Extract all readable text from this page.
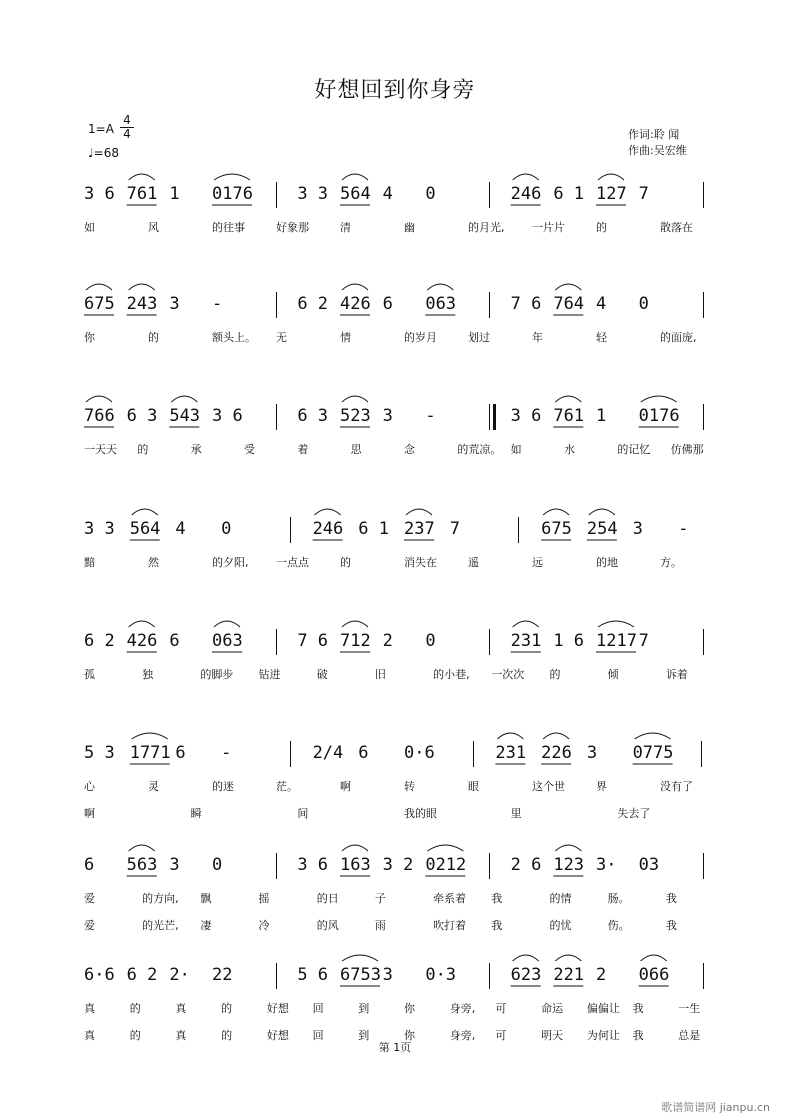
好想回到你身旁
1=A
4
4
♩=68
作词:聆 闻
作曲:吴宏维
3 6 761 1 0176	3 3 564 4 0	246 6 1 127 7
如	风	的往事	好象那	清	幽	的月光,	一片片	的	散落在
675 243 3 -	6 2 426 6 063	7 6 764 4 0
你	的	额头上。 无	情	的岁月	划过	年	轻	的面庞,
766 6 3 543 3 6	6 3 523 3 -	3 6 761 1 0176
一天天 的	承	受	着	思	念	的荒凉。 如	水	的记忆 仿佛那
3 3 564 4 0	246 6 1 237 7	675 254 3 -
黯	然	的夕阳,	一点点	的	消失在	遥	远	的地	方。
6 2 426 6 063	7 6 712 2 0	231 1 6 1217 7
孤	独	的脚步 钻进	破	旧	的小巷, 一次次 的	倾	诉着
5 3 1771 6 -	2/4 6 0·6	231 226 3 0775
心	灵	的迷	茫。	啊	转	眼	这个世	界	没有了
啊	瞬	间	我的眼	里	失去了
6 563 3 0	3 6 163 3 2 0212	2 6 123 3· 03
爱	的方向, 飘	摇	的日	子	牵系着 我	的情	肠。	我
爱	的光芒, 凄	冷	的风	雨	吹打着 我	的忧	伤。	我
6·6 6 2 2· 22	5 6 6753 3 0·3	623 221 2 066
真	的	真	的	好想 回	到	你	身旁, 可	命运 偏偏让 我	一生
真	的	真	的	好想 回	到	你	身旁, 可	明天 为何让 我	总是
第 1页
歌谱简谱网 jianpu.cn
